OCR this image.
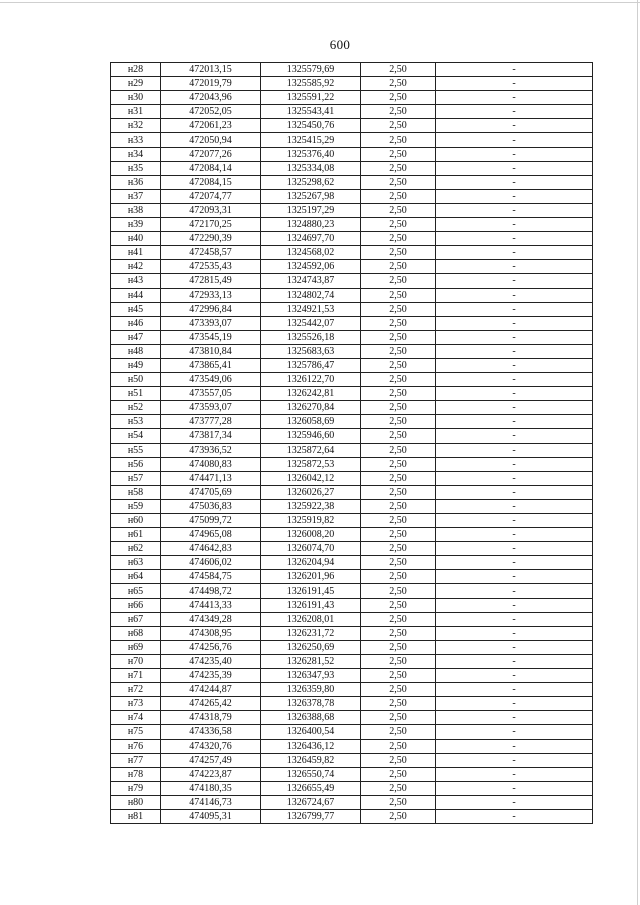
600
н28	472013,15	1325579,69	2,50	-
н29	472019,79	1325585,92	2,50	-
н30	472043,96	1325591,22	2,50	-
н31	472052,05	1325543,41	2,50	-
н32	472061,23	1325450,76	2,50	-
н33	472050,94	1325415,29	2,50	-
н34	472077,26	1325376,40	2,50	-
н35	472084,14	1325334,08	2,50	-
н36	472084,15	1325298,62	2,50	-
н37	472074,77	1325267,98	2,50	-
н38	472093,31	1325197,29	2,50	-
н39	472170,25	1324880,23	2,50	-
н40	472290,39	1324697,70	2,50	-
н41	472458,57	1324568,02	2,50	-
н42	472535,43	1324592,06	2,50	-
н43	472815,49	1324743,87	2,50	-
н44	472933,13	1324802,74	2,50	-
н45	472996,84	1324921,53	2,50	-
н46	473393,07	1325442,07	2,50	-
н47	473545,19	1325526,18	2,50	-
н48	473810,84	1325683,63	2,50	-
н49	473865,41	1325786,47	2,50	-
н50	473549,06	1326122,70	2,50	-
н51	473557,05	1326242,81	2,50	-
н52	473593,07	1326270,84	2,50	-
н53	473777,28	1326058,69	2,50	-
н54	473817,34	1325946,60	2,50	-
н55	473936,52	1325872,64	2,50	-
н56	474080,83	1325872,53	2,50	-
н57	474471,13	1326042,12	2,50	-
н58	474705,69	1326026,27	2,50	-
н59	475036,83	1325922,38	2,50	-
н60	475099,72	1325919,82	2,50	-
н61	474965,08	1326008,20	2,50	-
н62	474642,83	1326074,70	2,50	-
н63	474606,02	1326204,94	2,50	-
н64	474584,75	1326201,96	2,50	-
н65	474498,72	1326191,45	2,50	-
н66	474413,33	1326191,43	2,50	-
н67	474349,28	1326208,01	2,50	-
н68	474308,95	1326231,72	2,50	-
н69	474256,76	1326250,69	2,50	-
н70	474235,40	1326281,52	2,50	-
н71	474235,39	1326347,93	2,50	-
н72	474244,87	1326359,80	2,50	-
н73	474265,42	1326378,78	2,50	-
н74	474318,79	1326388,68	2,50	-
н75	474336,58	1326400,54	2,50	-
н76	474320,76	1326436,12	2,50	-
н77	474257,49	1326459,82	2,50	-
н78	474223,87	1326550,74	2,50	-
н79	474180,35	1326655,49	2,50	-
н80	474146,73	1326724,67	2,50	-
н81	474095,31	1326799,77	2,50	-
